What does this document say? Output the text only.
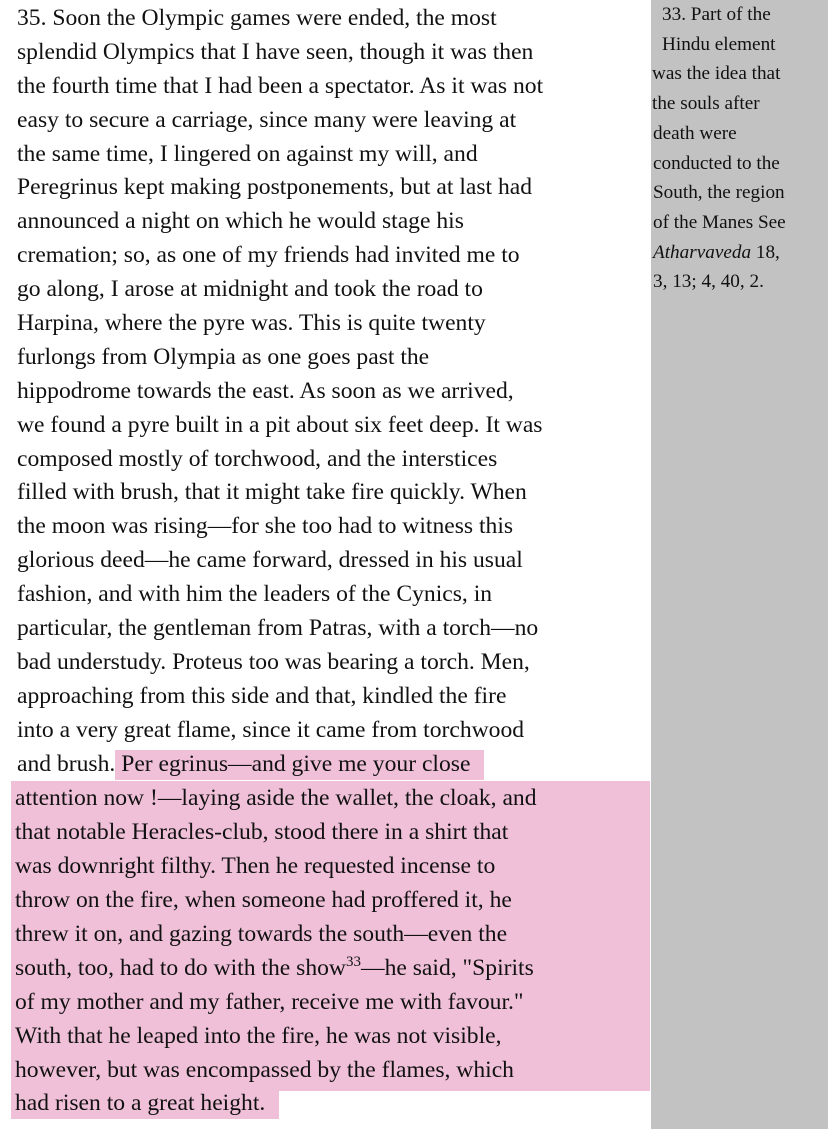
35. Soon the Olympic games were ended, the most
splendid Olympics that I have seen, though it was then
the fourth time that I had been a spectator. As it was not
easy to secure a carriage, since many were leaving at
the same time, I lingered on against my will, and
Peregrinus kept making postponements, but at last had
announced a night on which he would stage his
cremation; so, as one of my friends had invited me to
go along, I arose at midnight and took the road to
Harpina, where the pyre was. This is quite twenty
furlongs from Olympia as one goes past the
hippodrome towards the east. As soon as we arrived,
we found a pyre built in a pit about six feet deep. It was
composed mostly of torchwood, and the interstices
filled with brush, that it might take fire quickly. When
the moon was rising—for she too had to witness this
glorious deed—he came forward, dressed in his usual
fashion, and with him the leaders of the Cynics, in
particular, the gentleman from Patras, with a torch—no
bad understudy. Proteus too was bearing a torch. Men,
approaching from this side and that, kindled the fire
into a very great flame, since it came from torchwood
and brush. Per egrinus—and give me your close
attention now !—laying aside the wallet, the cloak, and
that notable Heracles-club, stood there in a shirt that
was downright filthy. Then he requested incense to
throw on the fire, when someone had proffered it, he
threw it on, and gazing towards the south—even the
south, too, had to do with the show$^{33}$—he said, "Spirits
of my mother and my father, receive me with favour."
With that he leaped into the fire, he was not visible,
however, but was encompassed by the flames, which
had risen to a great height.
33. Part of the
Hindu element
was the idea that
the souls after
death were
conducted to the
South, the region
of the Manes See
Atharvaveda 18,
3, 13; 4, 40, 2.
